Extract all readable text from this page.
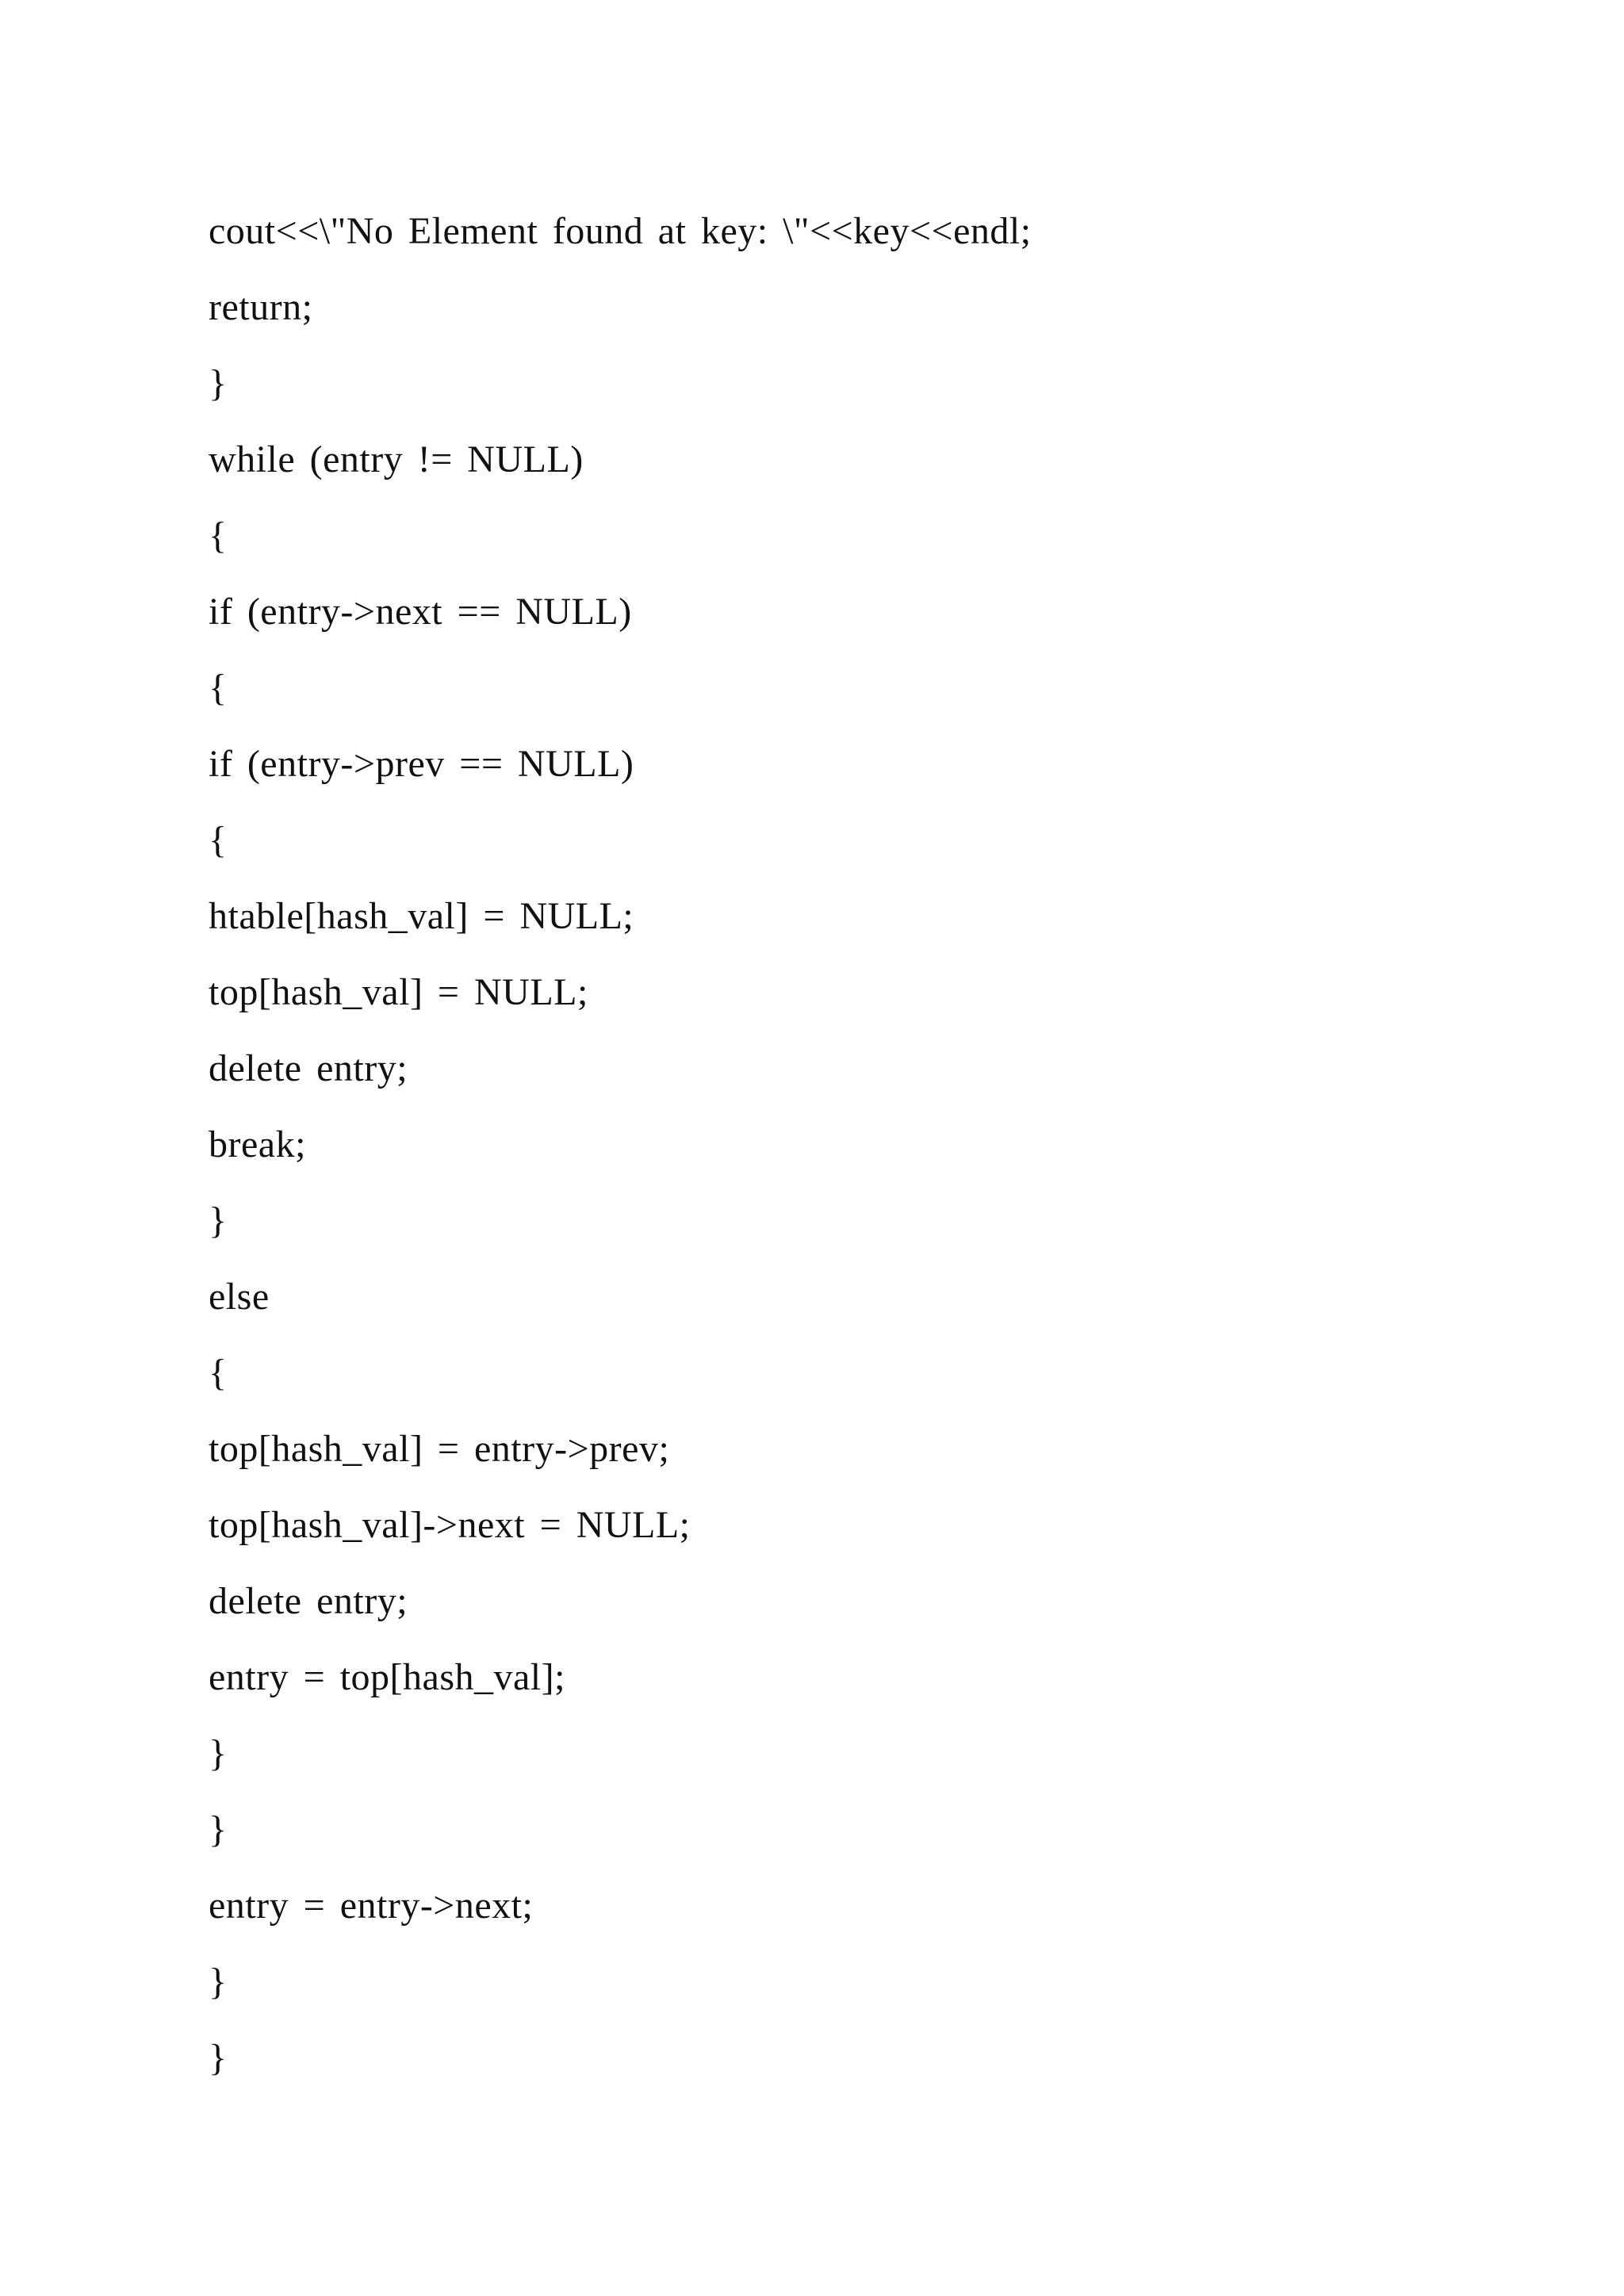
cout<<\"No Element found at key: \"<<key<<endl;
return;
}
while (entry != NULL)
{
if (entry->next == NULL)
{
if (entry->prev == NULL)
{
htable[hash_val] = NULL;
top[hash_val] = NULL;
delete entry;
break;
}
else
{
top[hash_val] = entry->prev;
top[hash_val]->next = NULL;
delete entry;
entry = top[hash_val];
}
}
entry = entry->next;
}
}
